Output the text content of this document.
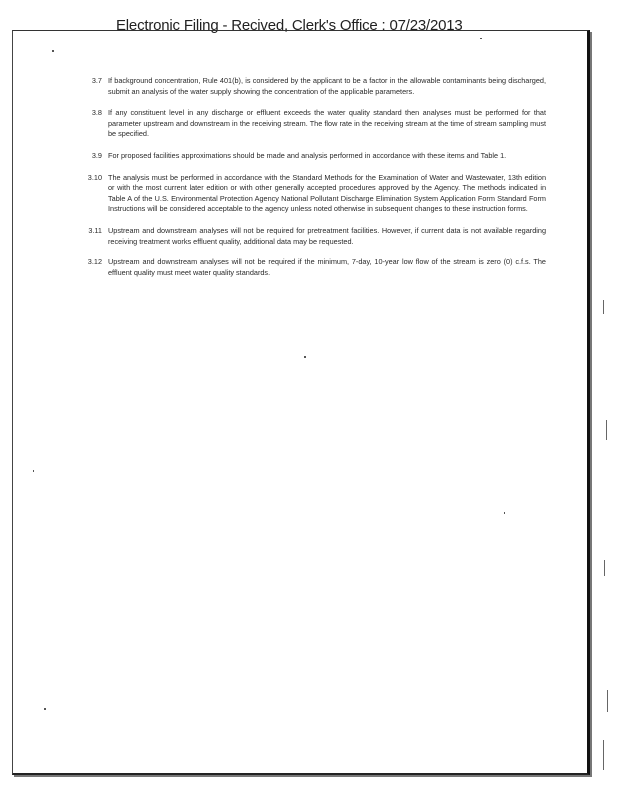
Electronic Filing - Recived, Clerk's Office : 07/23/2013
3.7 If background concentration, Rule 401(b), is considered by the applicant to be a factor in the allowable contaminants being discharged, submit an analysis of the water supply showing the concentration of the applicable parameters.
3.8 If any constituent level in any discharge or effluent exceeds the water quality standard then analyses must be performed for that parameter upstream and downstream in the receiving stream. The flow rate in the receiving stream at the time of stream sampling must be specified.
3.9 For proposed facilities approximations should be made and analysis performed in accordance with these items and Table 1.
3.10 The analysis must be performed in accordance with the Standard Methods for the Examination of Water and Wastewater, 13th edition or with the most current later edition or with other generally accepted procedures approved by the Agency. The methods indicated in Table A of the U.S. Environmental Protection Agency National Pollutant Discharge Elimination System Application Form Standard Form Instructions will be considered acceptable to the agency unless noted otherwise in subsequent changes to these instruction forms.
3.11 Upstream and downstream analyses will not be required for pretreatment facilities. However, if current data is not available regarding receiving treatment works effluent quality, additional data may be requested.
3.12 Upstream and downstream analyses will not be required if the minimum, 7-day, 10-year low flow of the stream is zero (0) c.f.s. The effluent quality must meet water quality standards.
